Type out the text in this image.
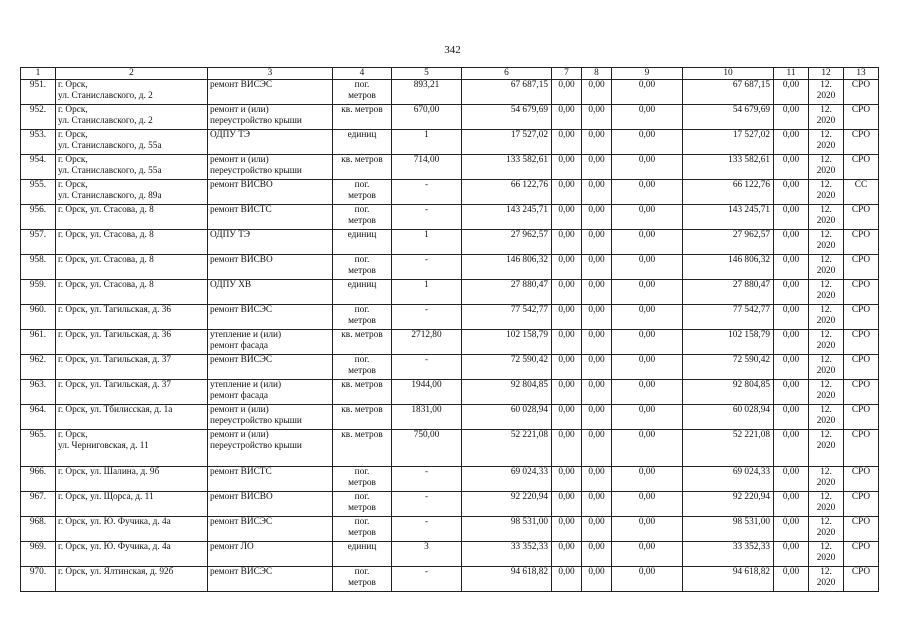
342
1	2	3	4	5	6	7	8	9	10	11	12	13
951.	г. Орск,
ул. Станиславского, д. 2	ремонт ВИСЭС	пог.
метров	893,21	67 687,15	0,00	0,00	0,00	67 687,15	0,00	12.
2020	СРО
952.	г. Орск,
ул. Станиславского, д. 2	ремонт и (или)
переустройство крыши	кв. метров	670,00	54 679,69	0,00	0,00	0,00	54 679,69	0,00	12.
2020	СРО
953.	г. Орск,
ул. Станиславского, д. 55а	ОДПУ ТЭ	единиц	1	17 527,02	0,00	0,00	0,00	17 527,02	0,00	12.
2020	СРО
954.	г. Орск,
ул. Станиславского, д. 55а	ремонт и (или)
переустройство крыши	кв. метров	714,00	133 582,61	0,00	0,00	0,00	133 582,61	0,00	12.
2020	СРО
955.	г. Орск,
ул. Станиславского, д. 89а	ремонт ВИСВО	пог.
метров	-	66 122,76	0,00	0,00	0,00	66 122,76	0,00	12.
2020	СС
956.	г. Орск, ул. Стасова, д. 8	ремонт ВИСТС	пог.
метров	-	143 245,71	0,00	0,00	0,00	143 245,71	0,00	12.
2020	СРО
957.	г. Орск, ул. Стасова, д. 8	ОДПУ ТЭ	единиц	1	27 962,57	0,00	0,00	0,00	27 962,57	0,00	12.
2020	СРО
958.	г. Орск, ул. Стасова, д. 8	ремонт ВИСВО	пог.
метров	-	146 806,32	0,00	0,00	0,00	146 806,32	0,00	12.
2020	СРО
959.	г. Орск, ул. Стасова, д. 8	ОДПУ ХВ	единиц	1	27 880,47	0,00	0,00	0,00	27 880,47	0,00	12.
2020	СРО
960.	г. Орск, ул. Тагильская, д. 36	ремонт ВИСЭС	пог.
метров	-	77 542,77	0,00	0,00	0,00	77 542,77	0,00	12.
2020	СРО
961.	г. Орск, ул. Тагильская, д. 36	утепление и (или)
ремонт фасада	кв. метров	2712,80	102 158,79	0,00	0,00	0,00	102 158,79	0,00	12.
2020	СРО
962.	г. Орск, ул. Тагильская, д. 37	ремонт ВИСЭС	пог.
метров	-	72 590,42	0,00	0,00	0,00	72 590,42	0,00	12.
2020	СРО
963.	г. Орск, ул. Тагильская, д. 37	утепление и (или)
ремонт фасада	кв. метров	1944,00	92 804,85	0,00	0,00	0,00	92 804,85	0,00	12.
2020	СРО
964.	г. Орск, ул. Тбилисская, д. 1а	ремонт и (или)
переустройство крыши	кв. метров	1831,00	60 028,94	0,00	0,00	0,00	60 028,94	0,00	12.
2020	СРО
965.	г. Орск,
ул. Черниговская, д. 11	ремонт и (или)
переустройство крыши	кв. метров	750,00	52 221,08	0,00	0,00	0,00	52 221,08	0,00	12.
2020	СРО
966.	г. Орск, ул. Шалина, д. 9б	ремонт ВИСТС	пог.
метров	-	69 024,33	0,00	0,00	0,00	69 024,33	0,00	12.
2020	СРО
967.	г. Орск, ул. Щорса, д. 11	ремонт ВИСВО	пог.
метров	-	92 220,94	0,00	0,00	0,00	92 220,94	0,00	12.
2020	СРО
968.	г. Орск, ул. Ю. Фучика, д. 4а	ремонт ВИСЭС	пог.
метров	-	98 531,00	0,00	0,00	0,00	98 531,00	0,00	12.
2020	СРО
969.	г. Орск, ул. Ю. Фучика, д. 4а	ремонт ЛО	единиц	3	33 352,33	0,00	0,00	0,00	33 352,33	0,00	12.
2020	СРО
970.	г. Орск, ул. Ялтинская, д. 92б	ремонт ВИСЭС	пог.
метров	-	94 618,82	0,00	0,00	0,00	94 618,82	0,00	12.
2020	СРО
